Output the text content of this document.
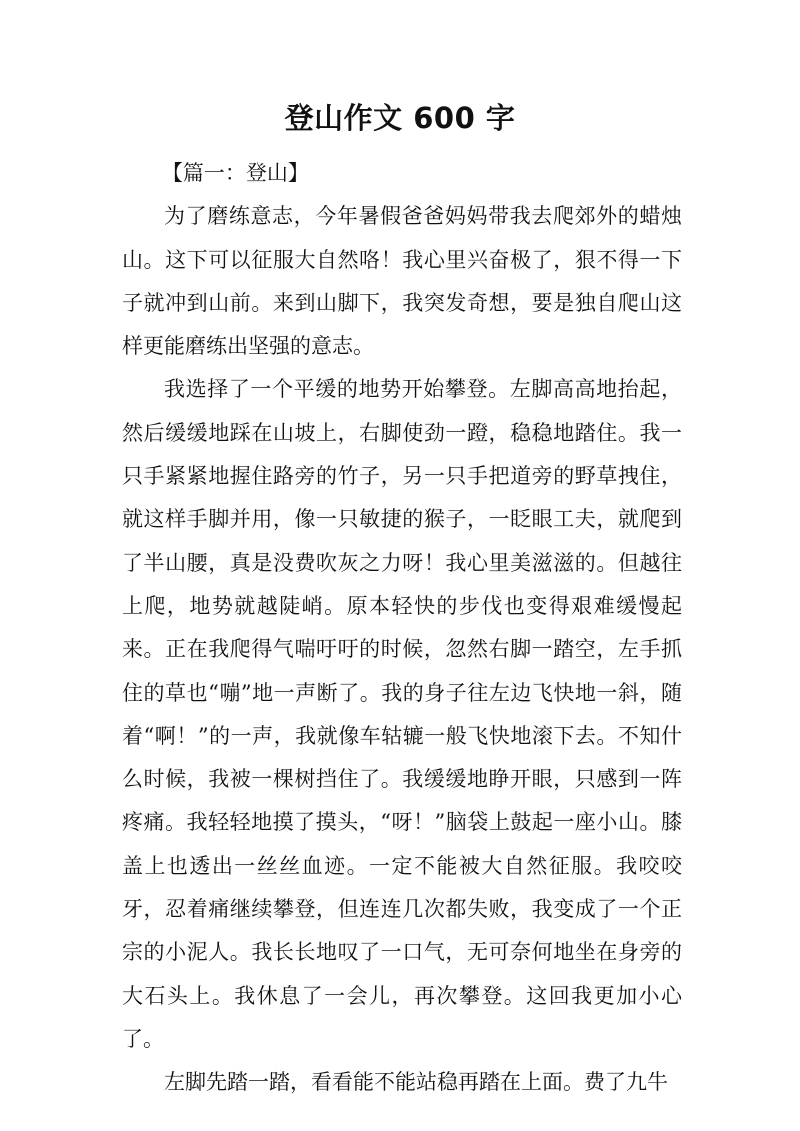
登山作文 600 字

【篇一：登山】

为了磨练意志，今年暑假爸爸妈妈带我去爬郊外的蜡烛山。这下可以征服大自然咯！我心里兴奋极了，狠不得一下子就冲到山前。来到山脚下，我突发奇想，要是独自爬山这样更能磨练出坚强的意志。

我选择了一个平缓的地势开始攀登。左脚高高地抬起，然后缓缓地踩在山坡上，右脚使劲一蹬，稳稳地踏住。我一只手紧紧地握住路旁的竹子，另一只手把道旁的野草拽住，就这样手脚并用，像一只敏捷的猴子，一眨眼工夫，就爬到了半山腰，真是没费吹灰之力呀！我心里美滋滋的。但越往上爬，地势就越陡峭。原本轻快的步伐也变得艰难缓慢起来。正在我爬得气喘吁吁的时候，忽然右脚一踏空，左手抓住的草也“嘣”地一声断了。我的身子往左边飞快地一斜，随着“啊！”的一声，我就像车轱辘一般飞快地滚下去。不知什么时候，我被一棵树挡住了。我缓缓地睁开眼，只感到一阵疼痛。我轻轻地摸了摸头，“呀！”脑袋上鼓起一座小山。膝盖上也透出一丝丝血迹。一定不能被大自然征服。我咬咬牙，忍着痛继续攀登，但连连几次都失败，我变成了一个正宗的小泥人。我长长地叹了一口气，无可奈何地坐在身旁的大石头上。我休息了一会儿，再次攀登。这回我更加小心了。

左脚先踏一踏，看看能不能站稳再踏在上面。费了九牛
